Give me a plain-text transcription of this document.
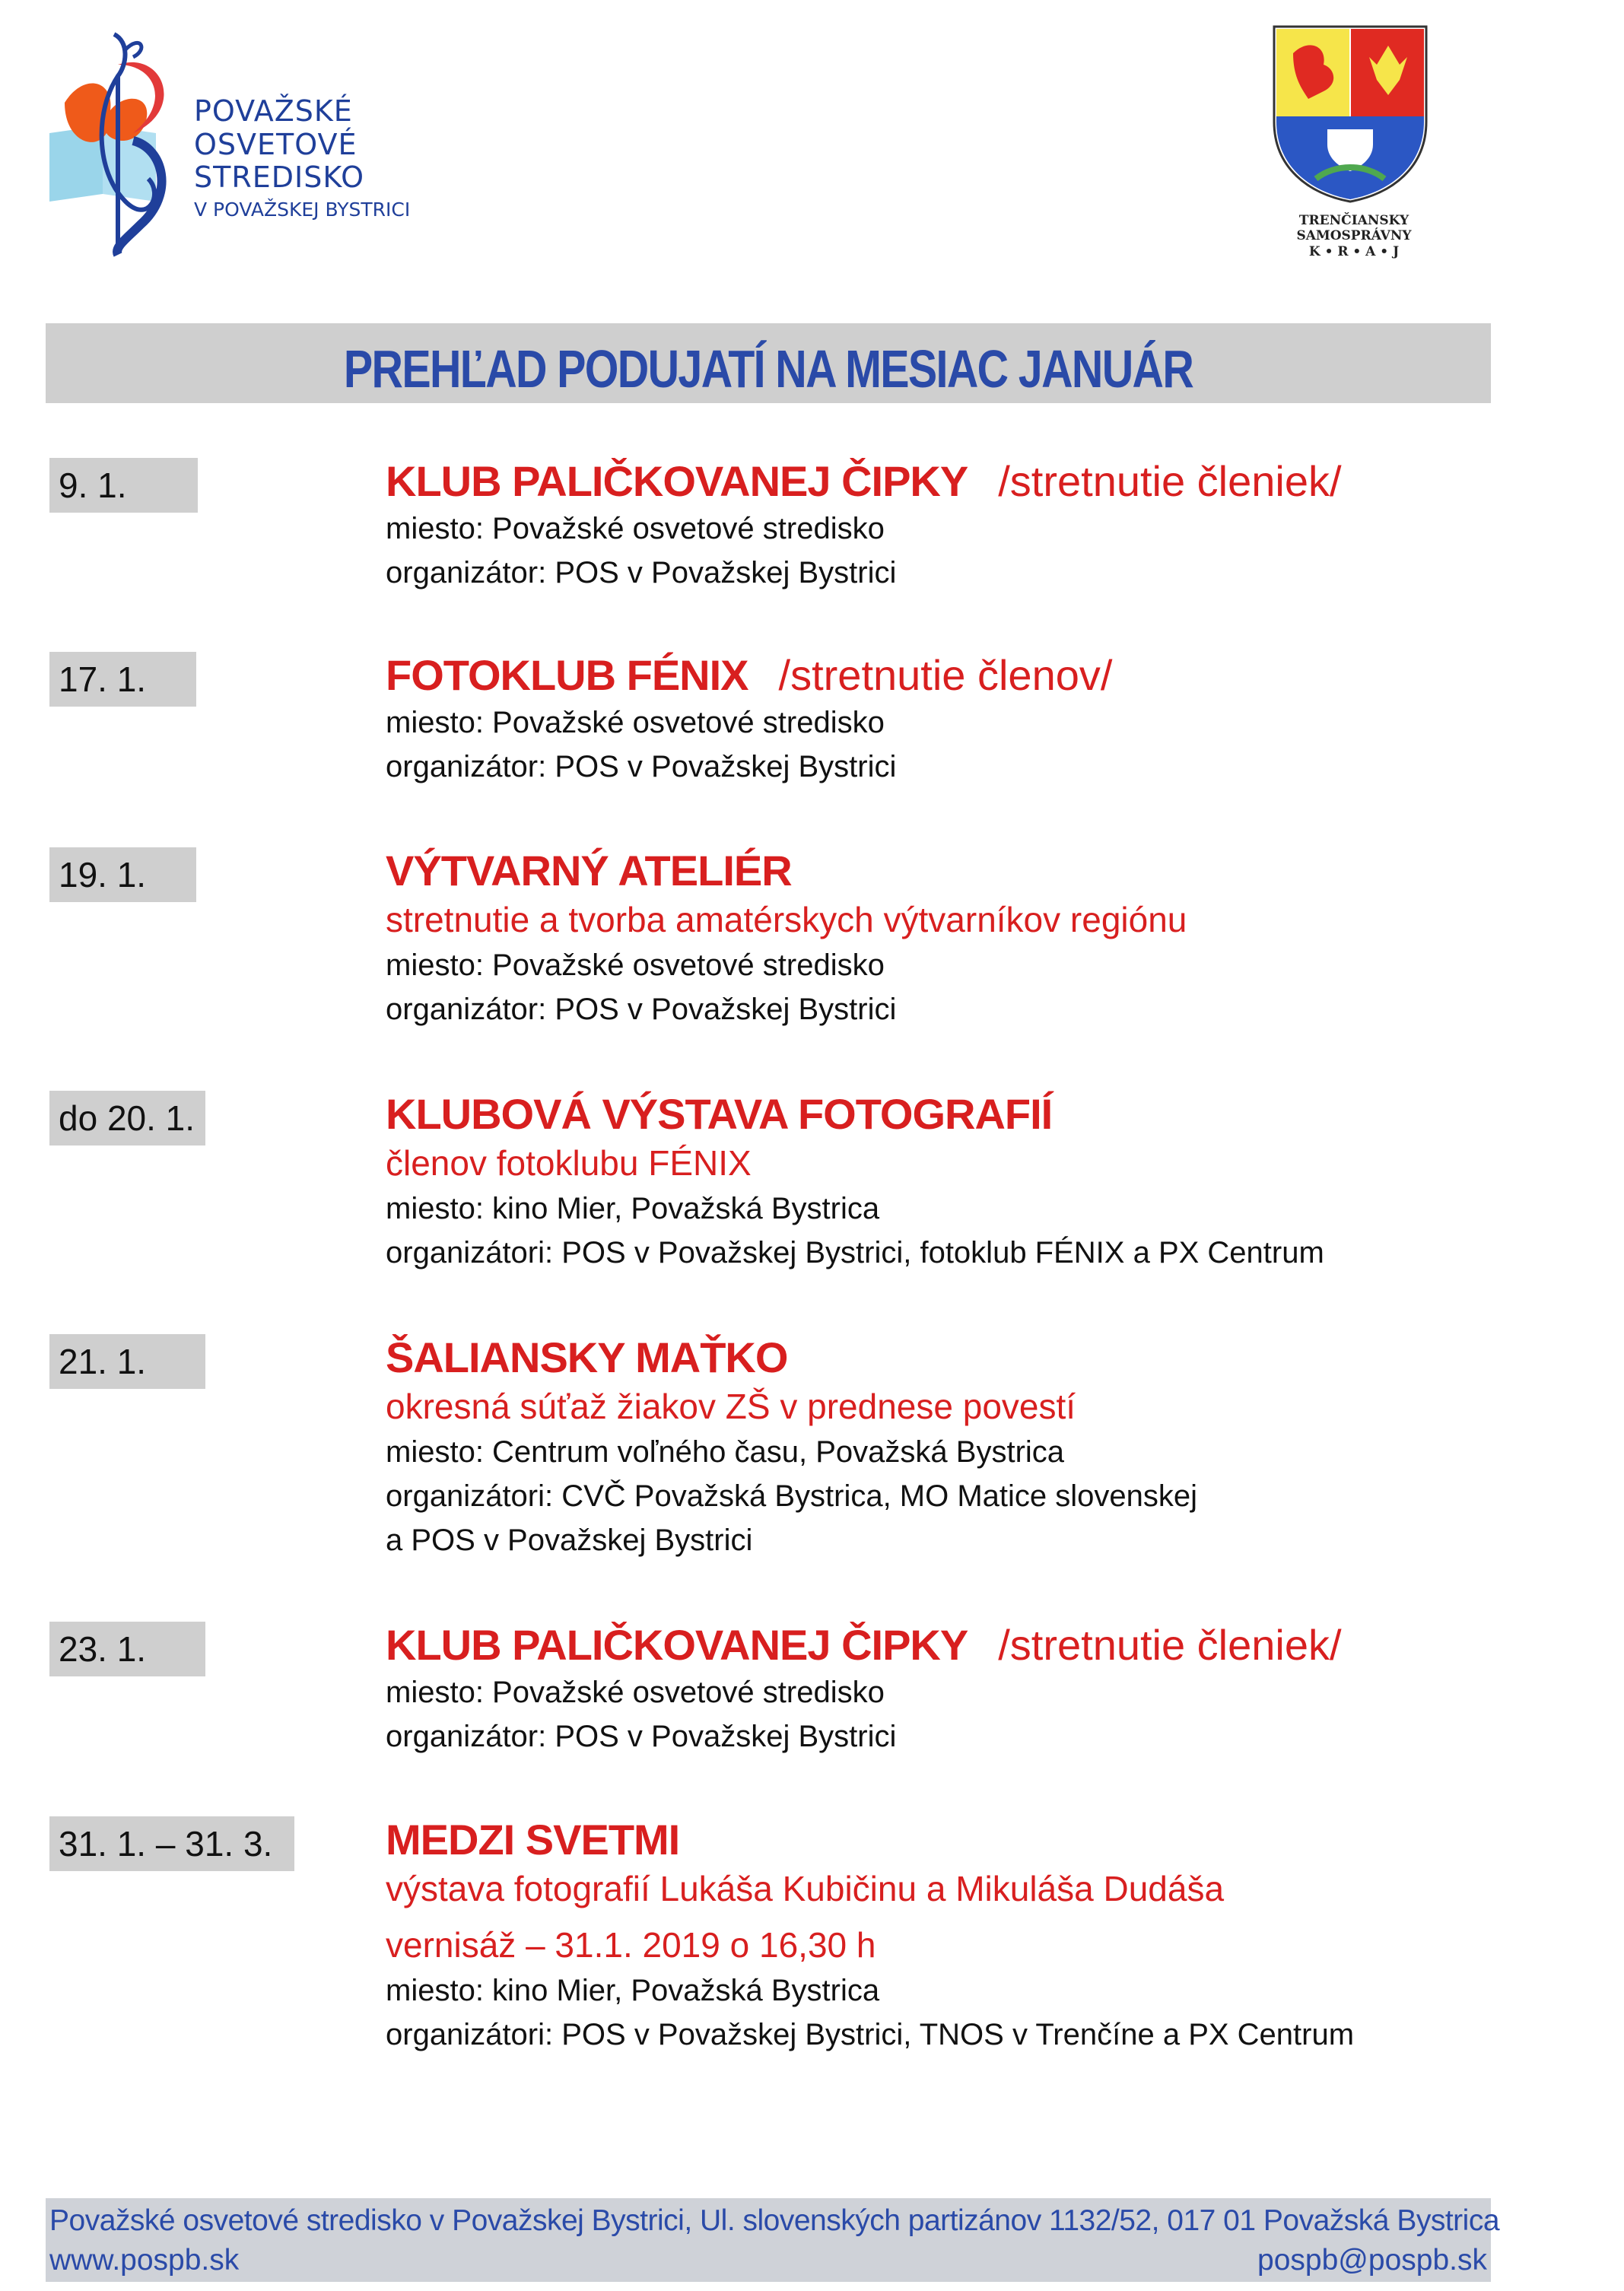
POVAŽSKÉ
OSVETOVÉ
STREDISKO
V POVAŽSKEJ BYSTRICI	TRENČIANSKY
SAMOSPRÁVNY
K • R • A • J
PREHĽAD PODUJATÍ NA MESIAC JANUÁR
9. 1.	KLUB PALIČKOVANEJ ČIPKY /stretnutie členiek/
miesto: Považské osvetové stredisko
organizátor: POS v Považskej Bystrici
17. 1.	FOTOKLUB FÉNIX /stretnutie členov/
miesto: Považské osvetové stredisko
organizátor: POS v Považskej Bystrici
19. 1.	VÝTVARNÝ ATELIÉR
stretnutie a tvorba amatérskych výtvarníkov regiónu
miesto: Považské osvetové stredisko
organizátor: POS v Považskej Bystrici
do 20. 1.	KLUBOVÁ VÝSTAVA FOTOGRAFIÍ
členov fotoklubu FÉNIX
miesto: kino Mier, Považská Bystrica
organizátori: POS v Považskej Bystrici, fotoklub FÉNIX a PX Centrum
21. 1.	ŠALIANSKY MAŤKO
okresná súťaž žiakov ZŠ v prednese povestí
miesto: Centrum voľného času, Považská Bystrica
organizátori: CVČ Považská Bystrica, MO Matice slovenskej
a POS v Považskej Bystrici
23. 1.	KLUB PALIČKOVANEJ ČIPKY /stretnutie členiek/
miesto: Považské osvetové stredisko
organizátor: POS v Považskej Bystrici
31. 1. – 31. 3.	MEDZI SVETMI
výstava fotografií Lukáša Kubičinu a Mikuláša Dudáša
vernisáž – 31.1. 2019 o 16,30 h
miesto: kino Mier, Považská Bystrica
organizátori: POS v Považskej Bystrici, TNOS v Trenčíne a PX Centrum
Považské osvetové stredisko v Považskej Bystrici, Ul. slovenských partizánov 1132/52, 017 01 Považská Bystrica
www.pospb.sk	pospb@pospb.sk
